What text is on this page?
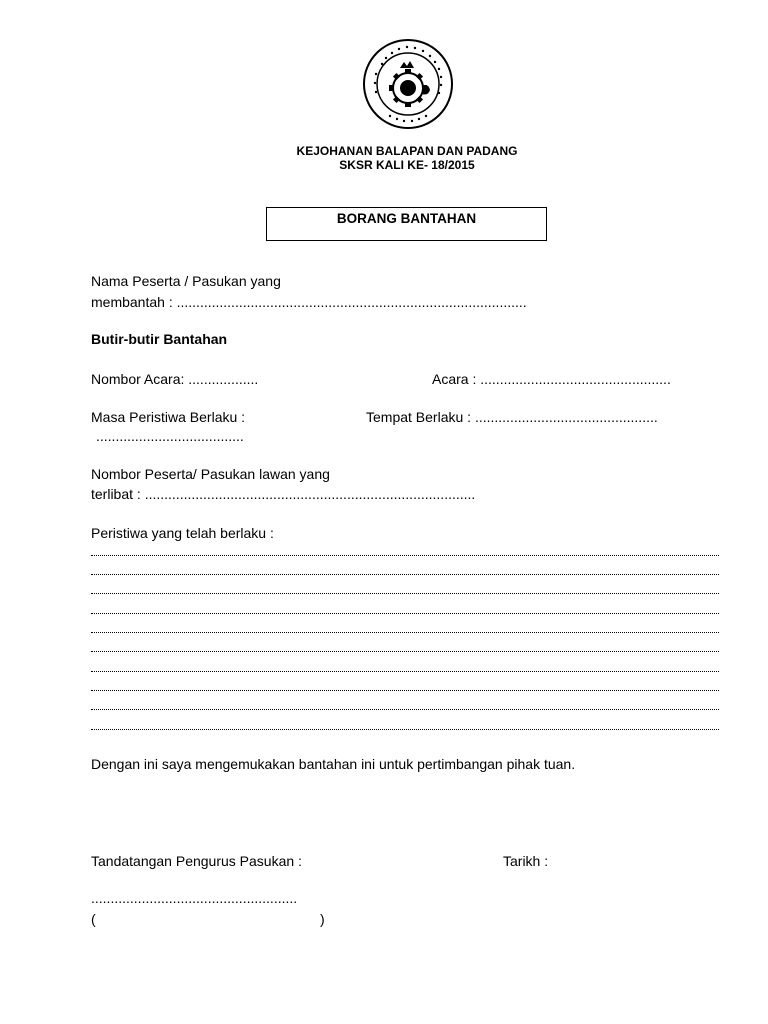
KEJOHANAN BALAPAN DAN PADANG
SKSR KALI KE- 18/2015
BORANG BANTAHAN
Nama Peserta / Pasukan yang
membantah : ..........................................................................................
Butir-butir Bantahan
Nombor Acara: ..................	Acara : .................................................
Masa Peristiwa Berlaku :	Tempat Berlaku : ...............................................
......................................
Nombor Peserta/ Pasukan lawan yang
terlibat : .....................................................................................
Peristiwa yang telah berlaku :
Dengan ini saya mengemukakan bantahan ini untuk pertimbangan pihak tuan.
Tandatangan Pengurus Pasukan :	Tarikh :
.....................................................
(	)
